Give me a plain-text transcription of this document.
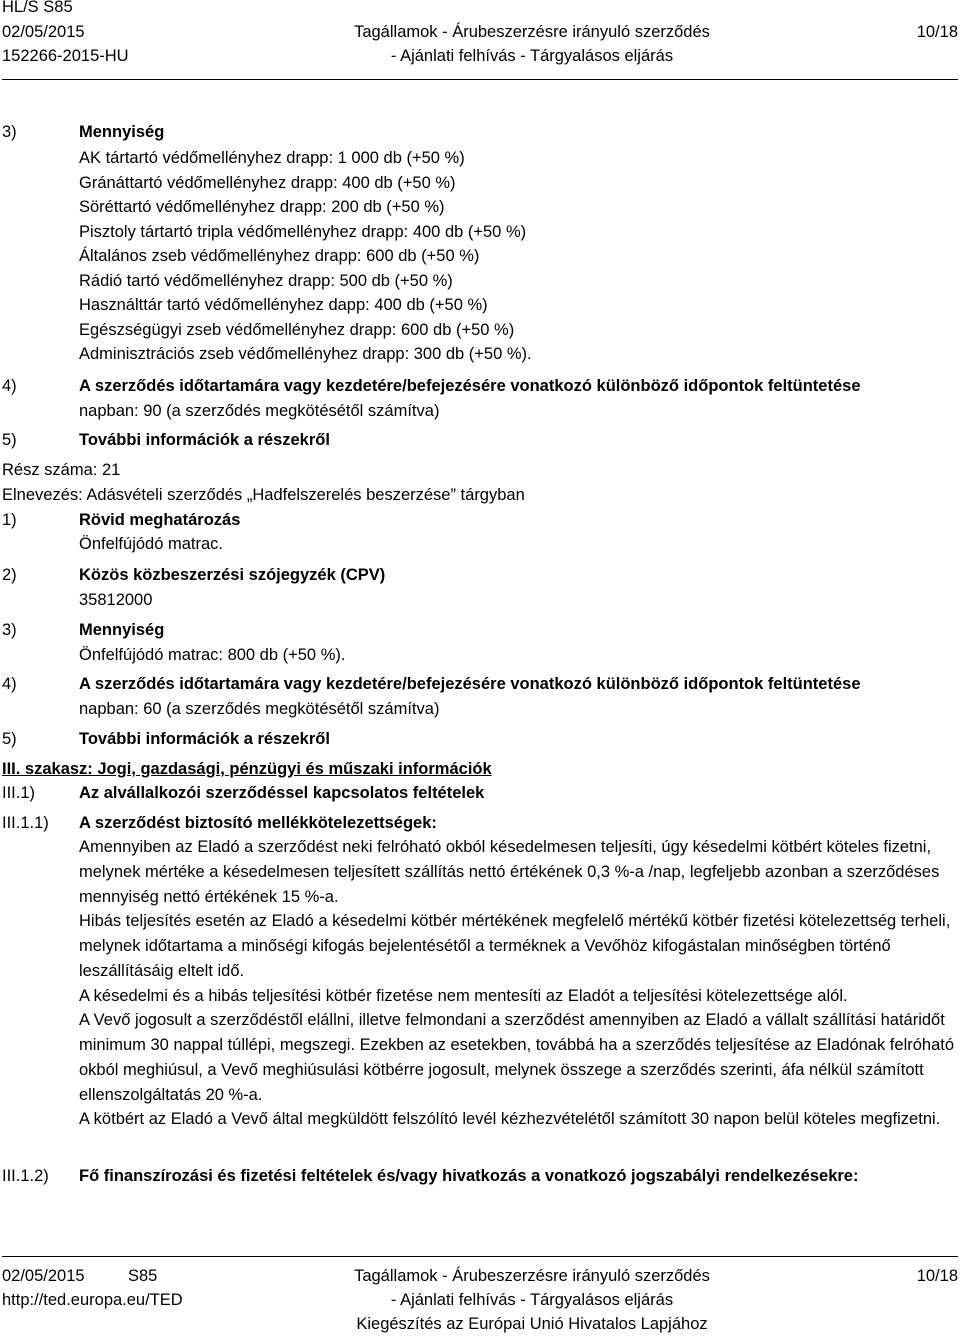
HL/S S85
02/05/2015
152266-2015-HU
Tagállamok - Árubeszerzésre irányuló szerződés
- Ajánlati felhívás - Tárgyalásos eljárás
10/18
3)	Mennyiség
AK tártartó védőmellényhez drapp: 1 000 db (+50 %)
Gránáttartó védőmellényhez drapp: 400 db (+50 %)
Söréttartó védőmellényhez drapp: 200 db (+50 %)
Pisztoly tártartó tripla védőmellényhez drapp: 400 db (+50 %)
Általános zseb védőmellényhez drapp: 600 db (+50 %)
Rádió tartó védőmellényhez drapp: 500 db (+50 %)
Használttár tartó védőmellényhez dapp: 400 db (+50 %)
Egészségügyi zseb védőmellényhez drapp: 600 db (+50 %)
Adminisztrációs zseb védőmellényhez drapp: 300 db (+50 %).
4)	A szerződés időtartamára vagy kezdetére/befejezésére vonatkozó különböző időpontok feltüntetése
napban: 90 (a szerződés megkötésétől számítva)
5)	További információk a részekről
Rész száma: 21
Elnevezés: Adásvételi szerződés „Hadfelszerelés beszerzése” tárgyban
1)	Rövid meghatározás
Önfelfújódó matrac.
2)	Közös közbeszerzési szójegyzék (CPV)
35812000
3)	Mennyiség
Önfelfújódó matrac: 800 db (+50 %).
4)	A szerződés időtartamára vagy kezdetére/befejezésére vonatkozó különböző időpontok feltüntetése
napban: 60 (a szerződés megkötésétől számítva)
5)	További információk a részekről
III. szakasz: Jogi, gazdasági, pénzügyi és műszaki információk
III.1)	Az alvállalkozói szerződéssel kapcsolatos feltételek
III.1.1) A szerződést biztosító mellékkötelezettségek:

Amennyiben az Eladó a szerződést neki felróható okból késedelmesen teljesíti, úgy késedelmi kötbért köteles fizetni, melynek mértéke a késedelmesen teljesített szállítás nettó értékének 0,3 %-a /nap, legfeljebb azonban a szerződéses mennyiség nettó értékének 15 %-a.

Hibás teljesítés esetén az Eladó a késedelmi kötbér mértékének megfelelő mértékű kötbér fizetési kötelezettség terheli, melynek időtartama a minőségi kifogás bejelentésétől a terméknek a Vevőhöz kifogástalan minőségben történő leszállításáig eltelt idő.

A késedelmi és a hibás teljesítési kötbér fizetése nem mentesíti az Eladót a teljesítési kötelezettsége alól.

A Vevő jogosult a szerződéstől elállni, illetve felmondani a szerződést amennyiben az Eladó a vállalt szállítási határidőt minimum 30 nappal túllépi, megszegi. Ezekben az esetekben, továbbá ha a szerződés teljesítése az Eladónak felróható okból meghiúsul, a Vevő meghiúsulási kötbérre jogosult, melynek összege a szerződés szerinti, áfa nélkül számított ellenszolgáltatás 20 %-a.

A kötbért az Eladó a Vevő által megküldött felszólító levél kézhezvételétől számított 30 napon belül köteles megfizetni.

III.1.2) Fő finanszírozási és fizetési feltételek és/vagy hivatkozás a vonatkozó jogszabályi rendelkezésekre:
02/05/2015	S85
http://ted.europa.eu/TED
Tagállamok - Árubeszerzésre irányuló szerződés
- Ajánlati felhívás - Tárgyalásos eljárás
Kiegészítés az Európai Unió Hivatalos Lapjához
10/18
